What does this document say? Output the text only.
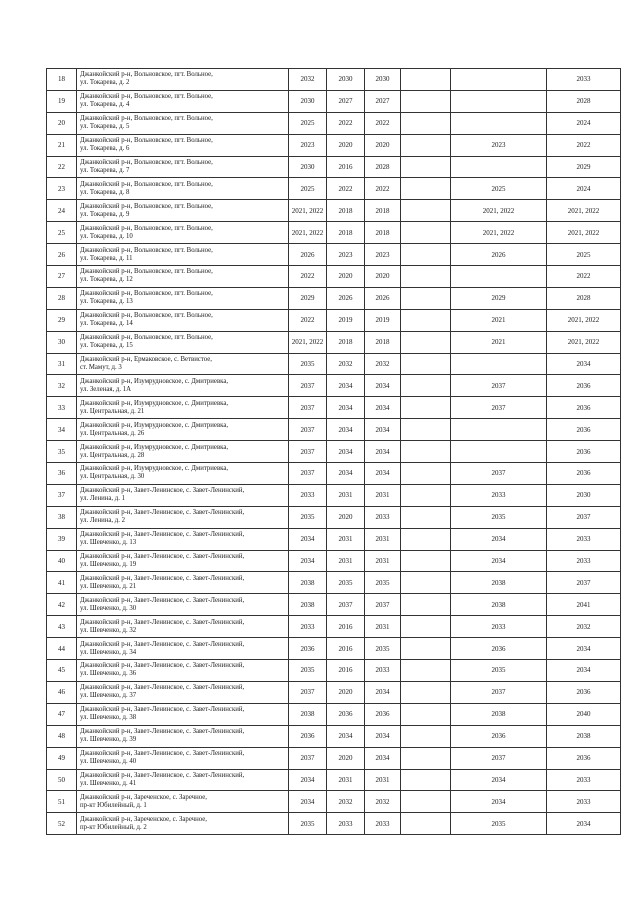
18	Джанкойский р-н, Вольновское, пгт. Вольное,
ул. Токарева, д. 2	2032	2030	2030			2033
19	Джанкойский р-н, Вольновское, пгт. Вольное,
ул. Токарева, д. 4	2030	2027	2027			2028
20	Джанкойский р-н, Вольновское, пгт. Вольное,
ул. Токарева, д. 5	2025	2022	2022			2024
21	Джанкойский р-н, Вольновское, пгт. Вольное,
ул. Токарева, д. 6	2023	2020	2020		2023	2022
22	Джанкойский р-н, Вольновское, пгт. Вольное,
ул. Токарева, д. 7	2030	2016	2028			2029
23	Джанкойский р-н, Вольновское, пгт. Вольное,
ул. Токарева, д. 8	2025	2022	2022		2025	2024
24	Джанкойский р-н, Вольновское, пгт. Вольное,
ул. Токарева, д. 9	2021, 2022	2018	2018		2021, 2022	2021, 2022
25	Джанкойский р-н, Вольновское, пгт. Вольное,
ул. Токарева, д. 10	2021, 2022	2018	2018		2021, 2022	2021, 2022
26	Джанкойский р-н, Вольновское, пгт. Вольное,
ул. Токарева, д. 11	2026	2023	2023		2026	2025
27	Джанкойский р-н, Вольновское, пгт. Вольное,
ул. Токарева, д. 12	2022	2020	2020			2022
28	Джанкойский р-н, Вольновское, пгт. Вольное,
ул. Токарева, д. 13	2029	2026	2026		2029	2028
29	Джанкойский р-н, Вольновское, пгт. Вольное,
ул. Токарева, д. 14	2022	2019	2019		2021	2021, 2022
30	Джанкойский р-н, Вольновское, пгт. Вольное,
ул. Токарева, д. 15	2021, 2022	2018	2018		2021	2021, 2022
31	Джанкойский р-н, Ермаковское, с. Ветвистое,
ст. Мамут, д. 3	2035	2032	2032			2034
32	Джанкойский р-н, Изумрудновское, с. Дмитриевка,
ул. Зеленая, д. 1А	2037	2034	2034		2037	2036
33	Джанкойский р-н, Изумрудновское, с. Дмитриевка,
ул. Центральная, д. 21	2037	2034	2034		2037	2036
34	Джанкойский р-н, Изумрудновское, с. Дмитриевка,
ул. Центральная, д. 26	2037	2034	2034			2036
35	Джанкойский р-н, Изумрудновское, с. Дмитриевка,
ул. Центральная, д. 28	2037	2034	2034			2036
36	Джанкойский р-н, Изумрудновское, с. Дмитриевка,
ул. Центральная, д. 30	2037	2034	2034		2037	2036
37	Джанкойский р-н, Завет-Ленинское, с. Завет-Ленинский,
ул. Ленина, д. 1	2033	2031	2031		2033	2030
38	Джанкойский р-н, Завет-Ленинское, с. Завет-Ленинский,
ул. Ленина, д. 2	2035	2020	2033		2035	2037
39	Джанкойский р-н, Завет-Ленинское, с. Завет-Ленинский,
ул. Шевченко, д. 13	2034	2031	2031		2034	2033
40	Джанкойский р-н, Завет-Ленинское, с. Завет-Ленинский,
ул. Шевченко, д. 19	2034	2031	2031		2034	2033
41	Джанкойский р-н, Завет-Ленинское, с. Завет-Ленинский,
ул. Шевченко, д. 21	2038	2035	2035		2038	2037
42	Джанкойский р-н, Завет-Ленинское, с. Завет-Ленинский,
ул. Шевченко, д. 30	2038	2037	2037		2038	2041
43	Джанкойский р-н, Завет-Ленинское, с. Завет-Ленинский,
ул. Шевченко, д. 32	2033	2016	2031		2033	2032
44	Джанкойский р-н, Завет-Ленинское, с. Завет-Ленинский,
ул. Шевченко, д. 34	2036	2016	2035		2036	2034
45	Джанкойский р-н, Завет-Ленинское, с. Завет-Ленинский,
ул. Шевченко, д. 36	2035	2016	2033		2035	2034
46	Джанкойский р-н, Завет-Ленинское, с. Завет-Ленинский,
ул. Шевченко, д. 37	2037	2020	2034		2037	2036
47	Джанкойский р-н, Завет-Ленинское, с. Завет-Ленинский,
ул. Шевченко, д. 38	2038	2036	2036		2038	2040
48	Джанкойский р-н, Завет-Ленинское, с. Завет-Ленинский,
ул. Шевченко, д. 39	2036	2034	2034		2036	2038
49	Джанкойский р-н, Завет-Ленинское, с. Завет-Ленинский,
ул. Шевченко, д. 40	2037	2020	2034		2037	2036
50	Джанкойский р-н, Завет-Ленинское, с. Завет-Ленинский,
ул. Шевченко, д. 41	2034	2031	2031		2034	2033
51	Джанкойский р-н, Зареченское, с. Заречное,
пр-кт Юбилейный, д. 1	2034	2032	2032		2034	2033
52	Джанкойский р-н, Зареченское, с. Заречное,
пр-кт Юбилейный, д. 2	2035	2033	2033		2035	2034
